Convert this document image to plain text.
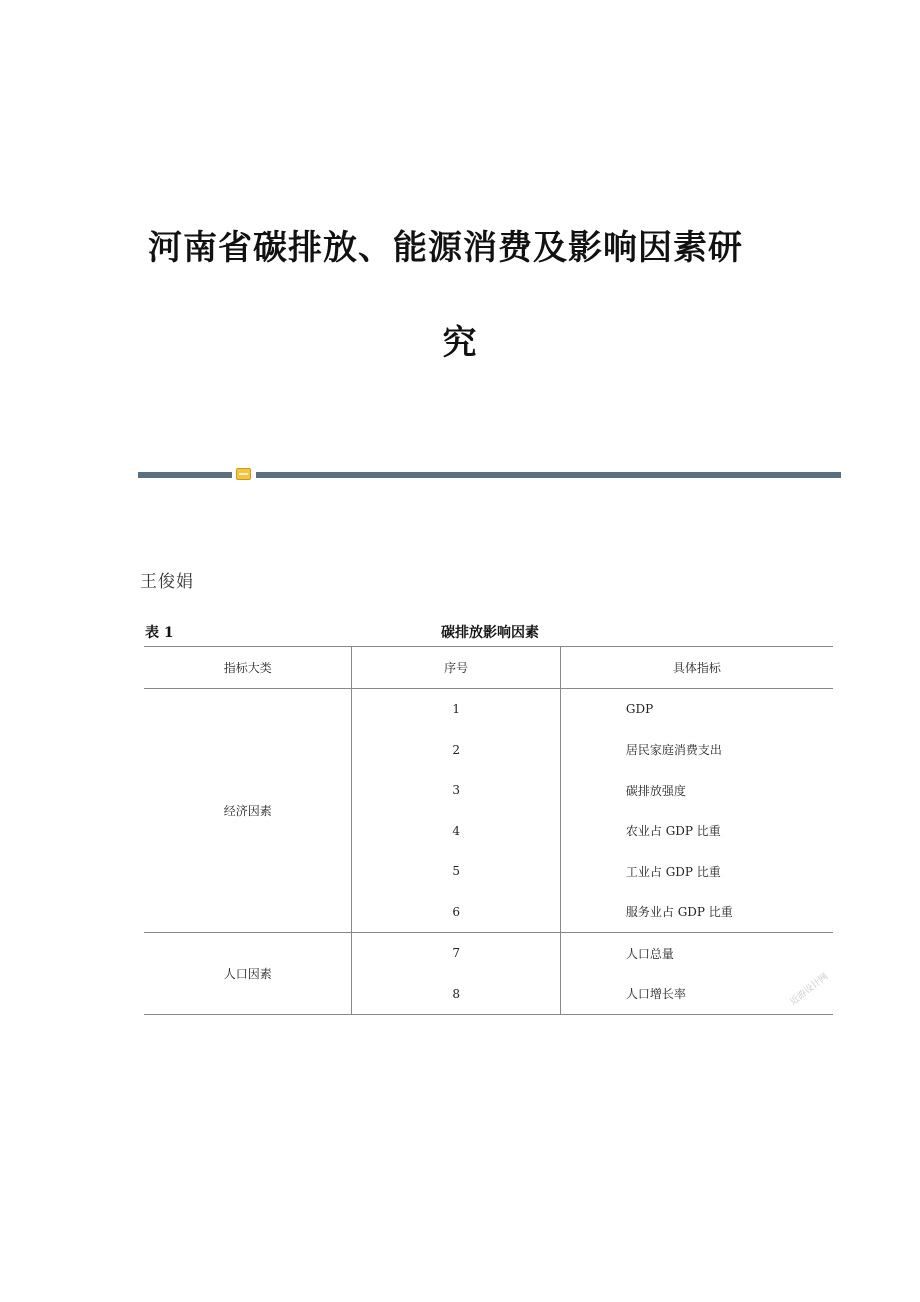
河南省碳排放、能源消费及影响因素研
究
王俊娟
表 1	碳排放影响因素
指标大类	序号	具体指标
经济因素	1	GDP
	2	居民家庭消费支出
	3	碳排放强度
	4	农业占 GDP 比重
	5	工业占 GDP 比重
	6	服务业占 GDP 比重
人口因素	7	人口总量
	8	人口增长率	近游设计网
